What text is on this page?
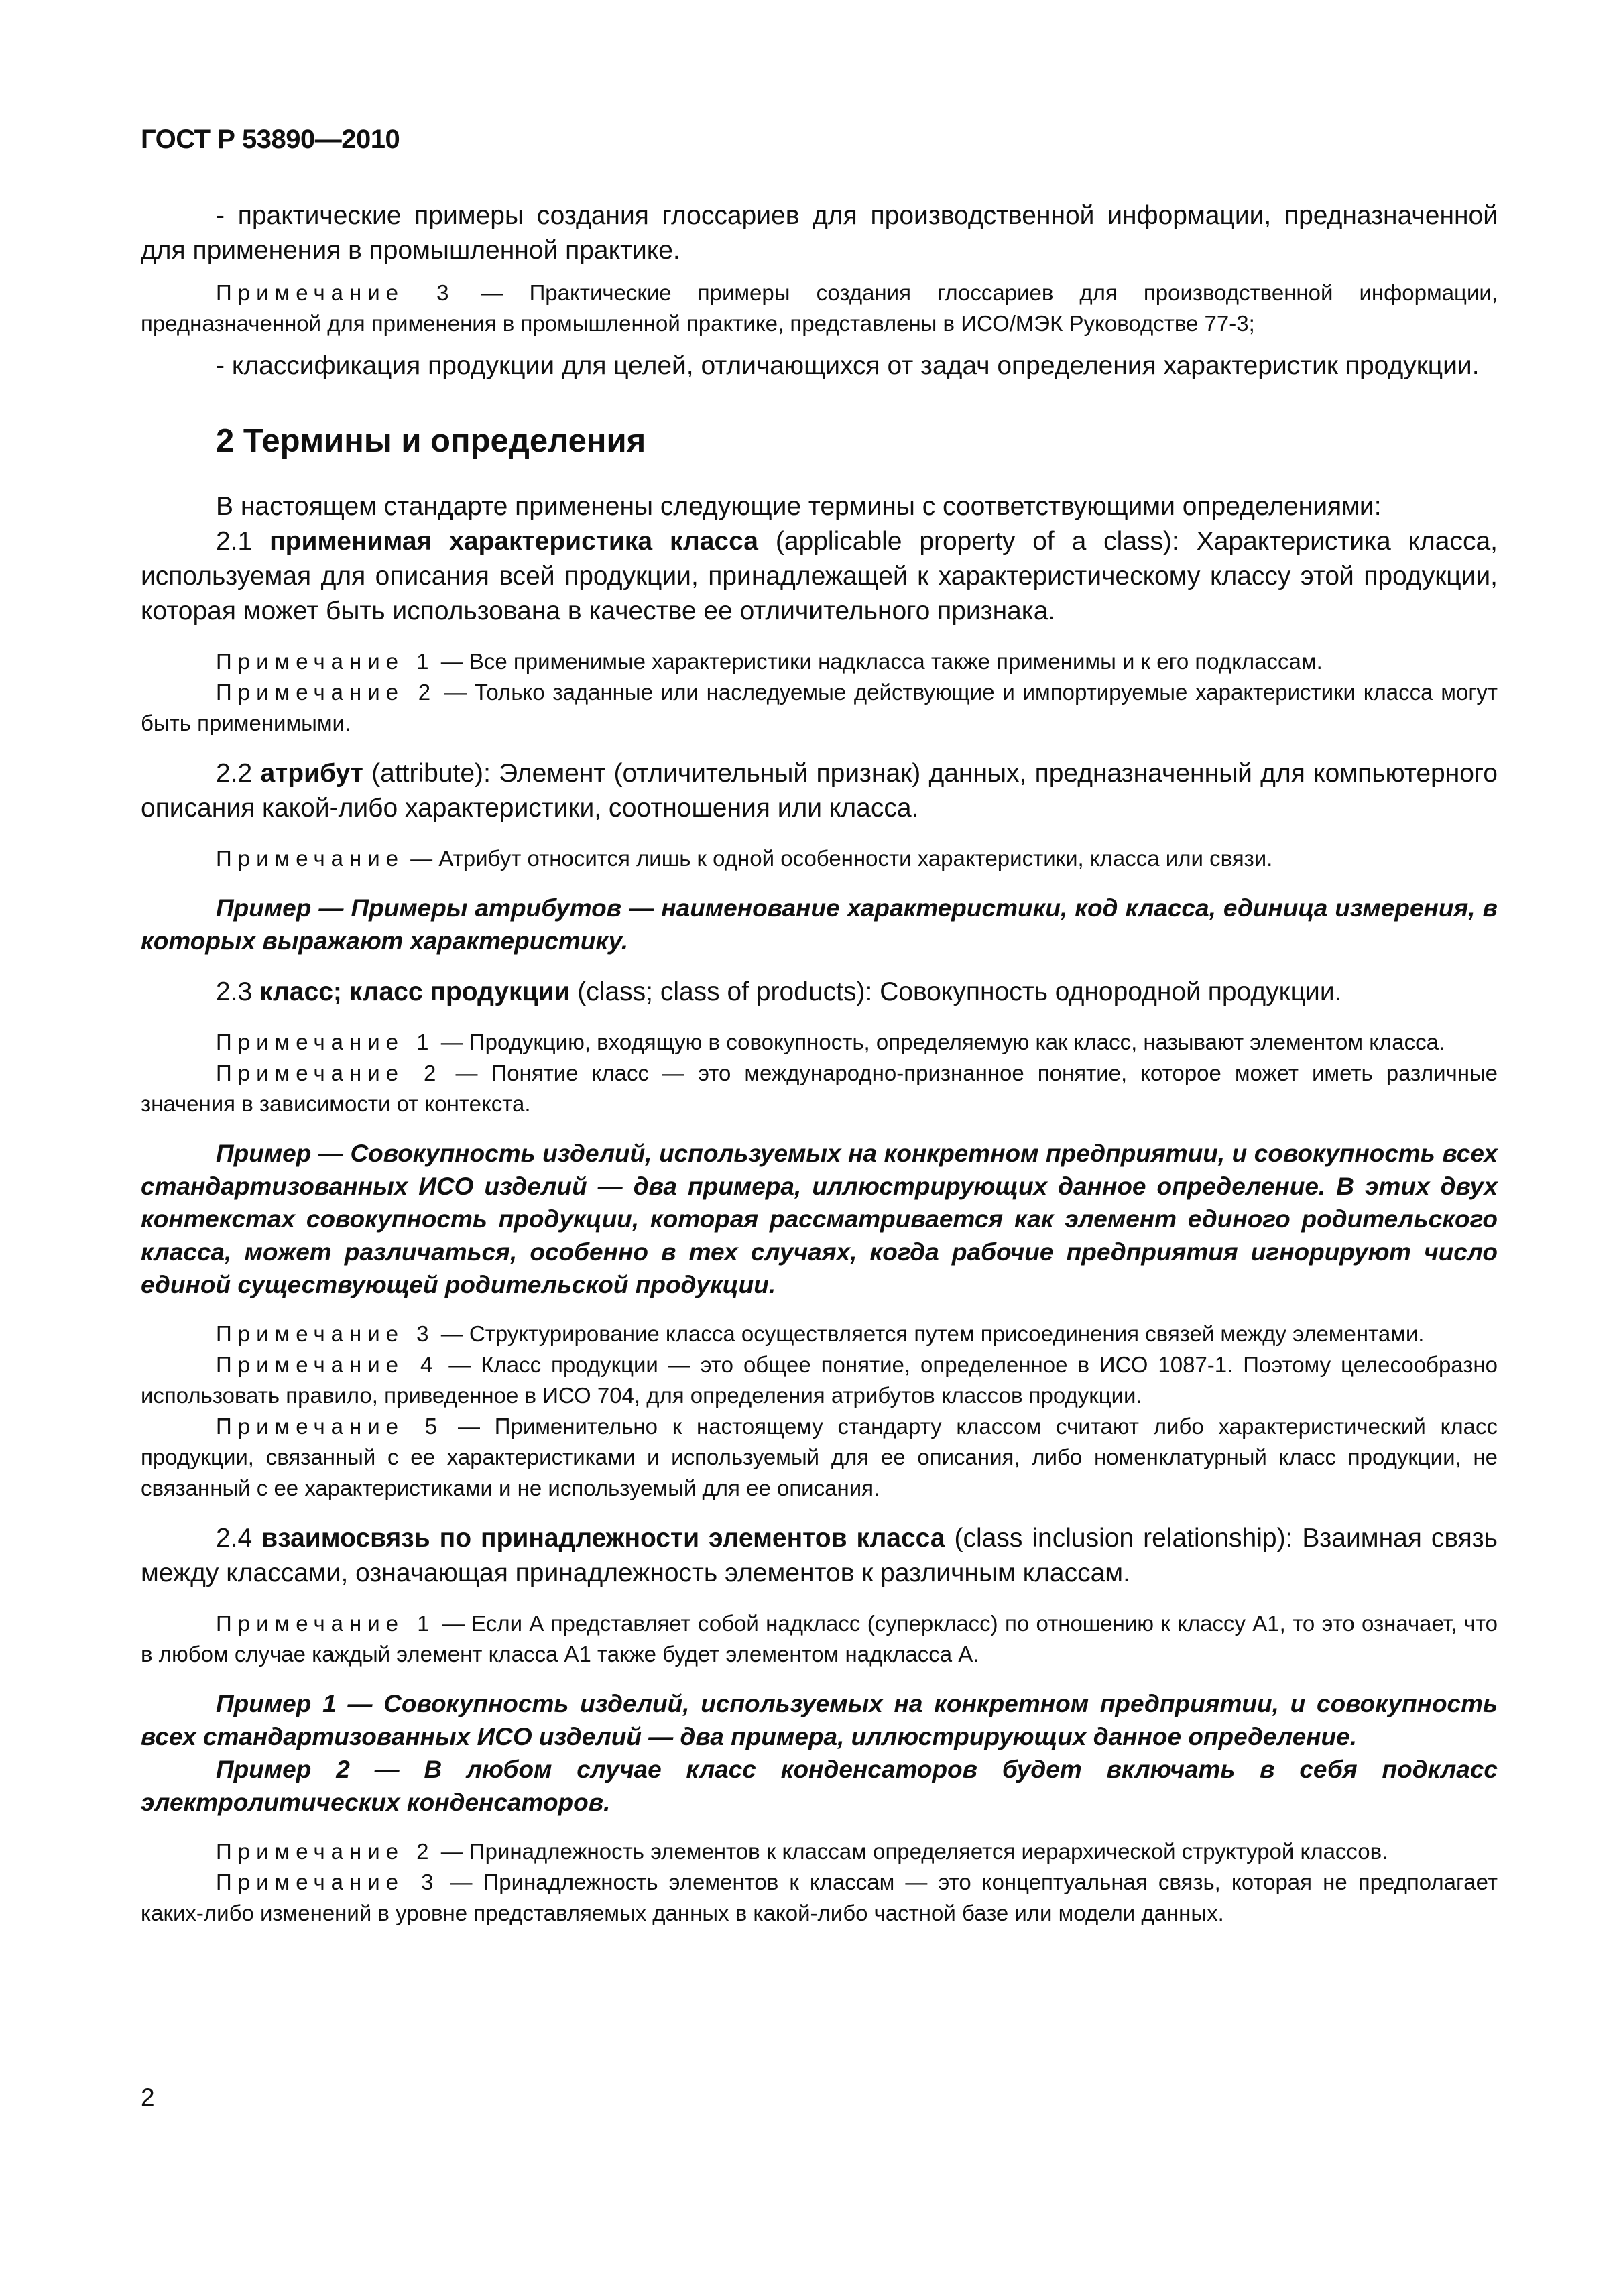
ГОСТ Р 53890—2010

- практические примеры создания глоссариев для производственной информации, предназначенной для применения в промышленной практике.

Примечание 3 — Практические примеры создания глоссариев для производственной информации, предназначенной для применения в промышленной практике, представлены в ИСО/МЭК Руководстве 77-3;

- классификация продукции для целей, отличающихся от задач определения характеристик продукции.

2 Термины и определения

В настоящем стандарте применены следующие термины с соответствующими определениями:

2.1 применимая характеристика класса (applicable property of a class): Характеристика класса, используемая для описания всей продукции, принадлежащей к характеристическому классу этой продукции, которая может быть использована в качестве ее отличительного признака.

Примечание 1 — Все применимые характеристики надкласса также применимы и к его подклассам.

Примечание 2 — Только заданные или наследуемые действующие и импортируемые характеристики класса могут быть применимыми.

2.2 атрибут (attribute): Элемент (отличительный признак) данных, предназначенный для компьютерного описания какой-либо характеристики, соотношения или класса.

Примечание — Атрибут относится лишь к одной особенности характеристики, класса или связи.

Пример — Примеры атрибутов — наименование характеристики, код класса, единица измерения, в которых выражают характеристику.

2.3 класс; класс продукции (class; class of products): Совокупность однородной продукции.

Примечание 1 — Продукцию, входящую в совокупность, определяемую как класс, называют элементом класса.

Примечание 2 — Понятие класс — это международно-признанное понятие, которое может иметь различные значения в зависимости от контекста.

Пример — Совокупность изделий, используемых на конкретном предприятии, и совокупность всех стандартизованных ИСО изделий — два примера, иллюстрирующих данное определение. В этих двух контекстах совокупность продукции, которая рассматривается как элемент единого родительского класса, может различаться, особенно в тех случаях, когда рабочие предприятия игнорируют число единой существующей родительской продукции.

Примечание 3 — Структурирование класса осуществляется путем присоединения связей между элементами.

Примечание 4 — Класс продукции — это общее понятие, определенное в ИСО 1087-1. Поэтому целесообразно использовать правило, приведенное в ИСО 704, для определения атрибутов классов продукции.

Примечание 5 — Применительно к настоящему стандарту классом считают либо характеристический класс продукции, связанный с ее характеристиками и используемый для ее описания, либо номенклатурный класс продукции, не связанный с ее характеристиками и не используемый для ее описания.

2.4 взаимосвязь по принадлежности элементов класса (class inclusion relationship): Взаимная связь между классами, означающая принадлежность элементов к различным классам.

Примечание 1 — Если А представляет собой надкласс (суперкласс) по отношению к классу А1, то это означает, что в любом случае каждый элемент класса А1 также будет элементом надкласса А.

Пример 1 — Совокупность изделий, используемых на конкретном предприятии, и совокупность всех стандартизованных ИСО изделий — два примера, иллюстрирующих данное определение.

Пример 2 — В любом случае класс конденсаторов будет включать в себя подкласс электролитических конденсаторов.

Примечание 2 — Принадлежность элементов к классам определяется иерархической структурой классов.

Примечание 3 — Принадлежность элементов к классам — это концептуальная связь, которая не предполагает каких-либо изменений в уровне представляемых данных в какой-либо частной базе или модели данных.

2
